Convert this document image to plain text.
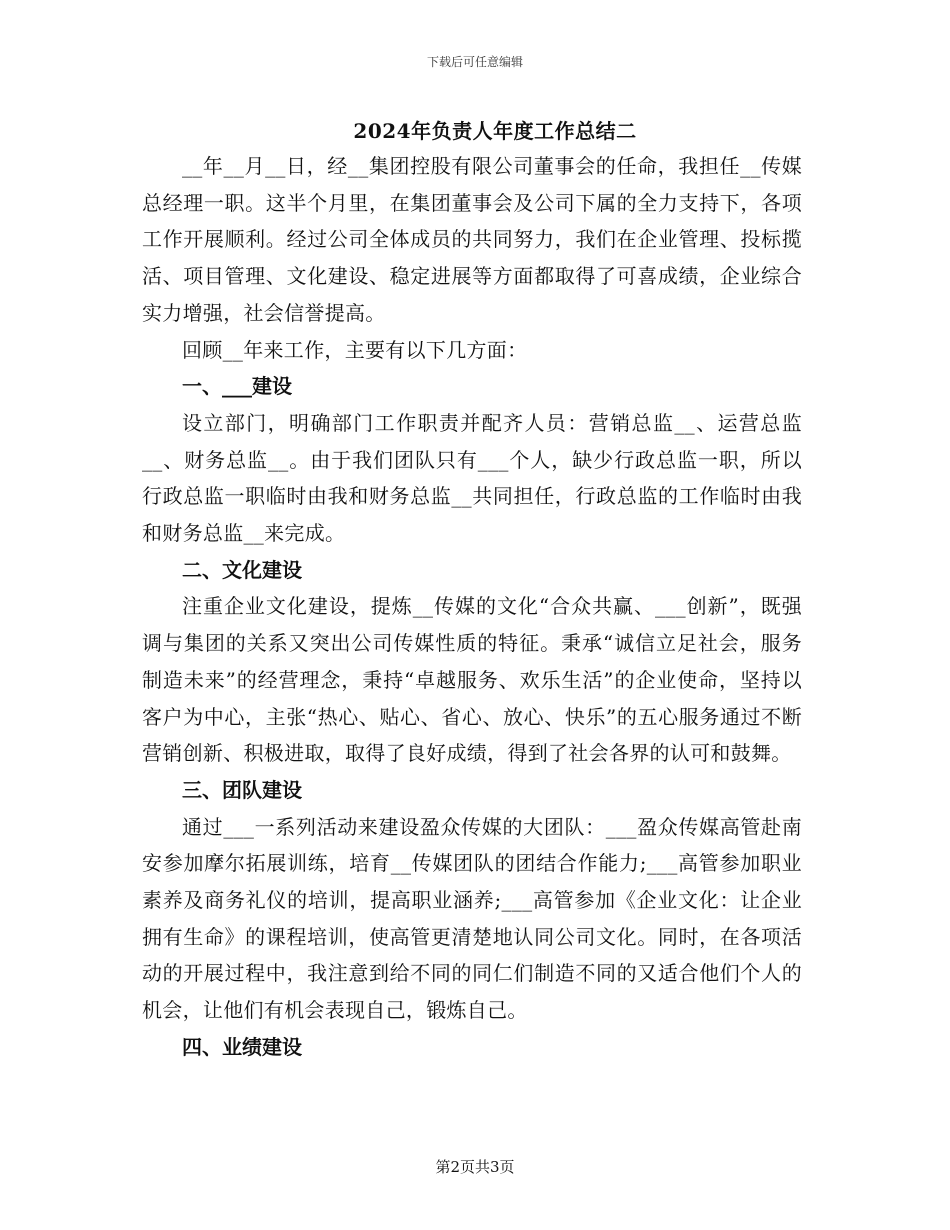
下载后可任意编辑
2024年负责人年度工作总结二

__年__月__日，经__集团控股有限公司董事会的任命，我担任__传媒总经理一职。这半个月里，在集团董事会及公司下属的全力支持下，各项工作开展顺利。经过公司全体成员的共同努力，我们在企业管理、投标揽活、项目管理、文化建设、稳定进展等方面都取得了可喜成绩，企业综合实力增强，社会信誉提高。

回顾__年来工作，主要有以下几方面：

一、___建设

设立部门，明确部门工作职责并配齐人员：营销总监__、运营总监__、财务总监__。由于我们团队只有___个人，缺少行政总监一职，所以行政总监一职临时由我和财务总监__共同担任，行政总监的工作临时由我和财务总监__来完成。

二、文化建设

注重企业文化建设，提炼__传媒的文化“合众共赢、___创新”，既强调与集团的关系又突出公司传媒性质的特征。秉承“诚信立足社会，服务制造未来”的经营理念，秉持“卓越服务、欢乐生活”的企业使命，坚持以客户为中心，主张“热心、贴心、省心、放心、快乐”的五心服务通过不断营销创新、积极进取，取得了良好成绩，得到了社会各界的认可和鼓舞。

三、团队建设

通过___一系列活动来建设盈众传媒的大团队：___盈众传媒高管赴南安参加摩尔拓展训练，培育__传媒团队的团结合作能力;___高管参加职业素养及商务礼仪的培训，提高职业涵养;___高管参加《企业文化：让企业拥有生命》的课程培训，使高管更清楚地认同公司文化。同时，在各项活动的开展过程中，我注意到给不同的同仁们制造不同的又适合他们个人的机会，让他们有机会表现自己，锻炼自己。

四、业绩建设

第2页共3页
